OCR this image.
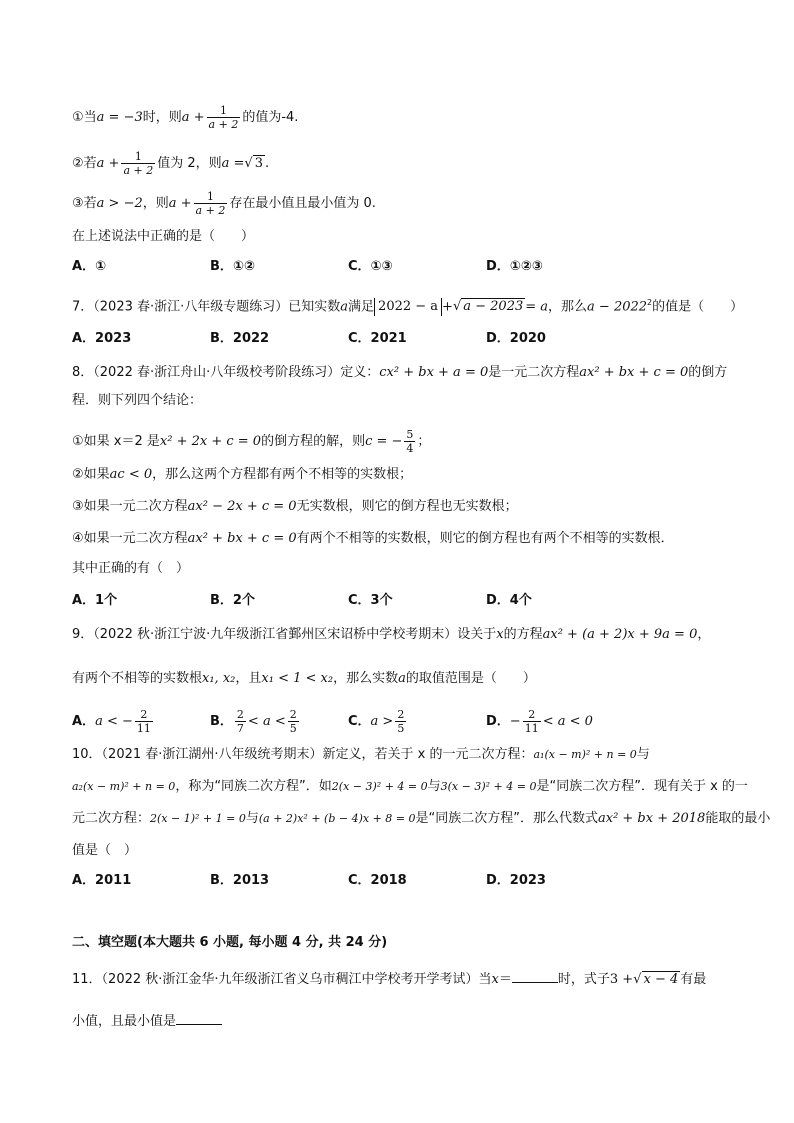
①当a = −3时，则$a + \frac{1}{a + 2}$ 的值为-4.
②若$a + \frac{1}{a + 2}$ 值为 2，则a =√ 3 .
③若a > −2，则$a + \frac{1}{a + 2}$ 存在最小值且最小值为 0.
在上述说法中正确的是（　　）
A．①	B．①②	C．①③	D．①②③
7．（2023 春·浙江·八年级专题练习）已知实数a满足 2022 − a +√ a − 2023 = a，那么$a - 2022^2$的值是（　　）
A．2023	B．2022	C．2021	D．2020
8．（2022 春·浙江舟山·八年级校考阶段练习）定义：cx² + bx + a = 0是一元二次方程ax² + bx + c = 0的倒方
程．则下列四个结论：
①如果 x＝2 是x² + 2x + c = 0的倒方程的解，则c = − $\frac{5}{4}$ ；
②如果ac < 0，那么这两个方程都有两个不相等的实数根；
③如果一元二次方程ax² − 2x + c = 0无实数根，则它的倒方程也无实数根；
④如果一元二次方程ax² + bx + c = 0有两个不相等的实数根，则它的倒方程也有两个不相等的实数根．
其中正确的有（　）
A．1个	B．2个	C．3个	D．4个
9．（2022 秋·浙江宁波·九年级浙江省鄞州区宋诏桥中学校考期末）设关于x的方程ax² + (a + 2)x + 9a = 0，
有两个不相等的实数根x₁, x₂，且x₁ < 1 < x₂，那么实数a的取值范围是（　　）
A．a < − $\frac{2}{11}$	B． $\frac{2}{7} < a < \frac{2}{5}$	C．$a > \frac{2}{5}$	D．− $\frac{2}{11} < a < 0$
10．（2021 春·浙江湖州·八年级统考期末）新定义，若关于 x 的一元二次方程：a₁(x − m)² + n = 0与
a₂(x − m)² + n = 0，称为“同族二次方程”．如2(x − 3)² + 4 = 0与3(x − 3)² + 4 = 0是“同族二次方程”．现有关于 x 的一
元二次方程：2(x − 1)² + 1 = 0与(a + 2)x² + (b − 4)x + 8 = 0是“同族二次方程”．那么代数式ax² + bx + 2018能取的最小
值是（　）
A．2011	B．2013	C．2018	D．2023
二、填空题(本大题共 6 小题, 每小题 4 分, 共 24 分)
11．（2022 秋·浙江金华·九年级浙江省义乌市稠江中学校考开学考试）当x＝	时，式子3 +√ x − 4 有最
小值，且最小值是
